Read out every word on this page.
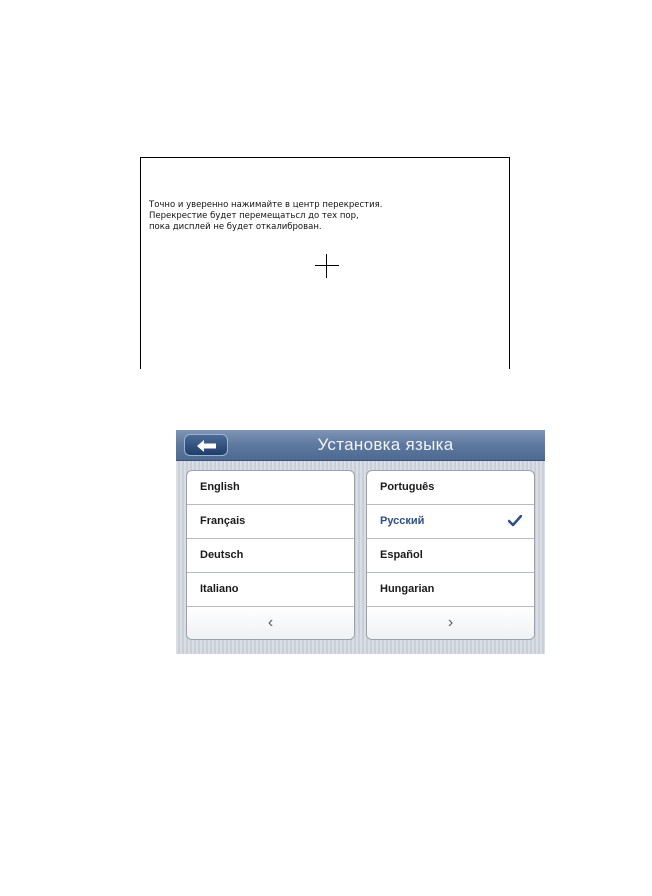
Точно и уверенно нажимайте в центр перекрестия.
Перекрестие будет перемещатьсл до тех пор,
пока дисплей не будет откалиброван.

Установка языка
English
Français
Deutsch
Italiano
‹
Português
Русский
Español
Hungarian
›
